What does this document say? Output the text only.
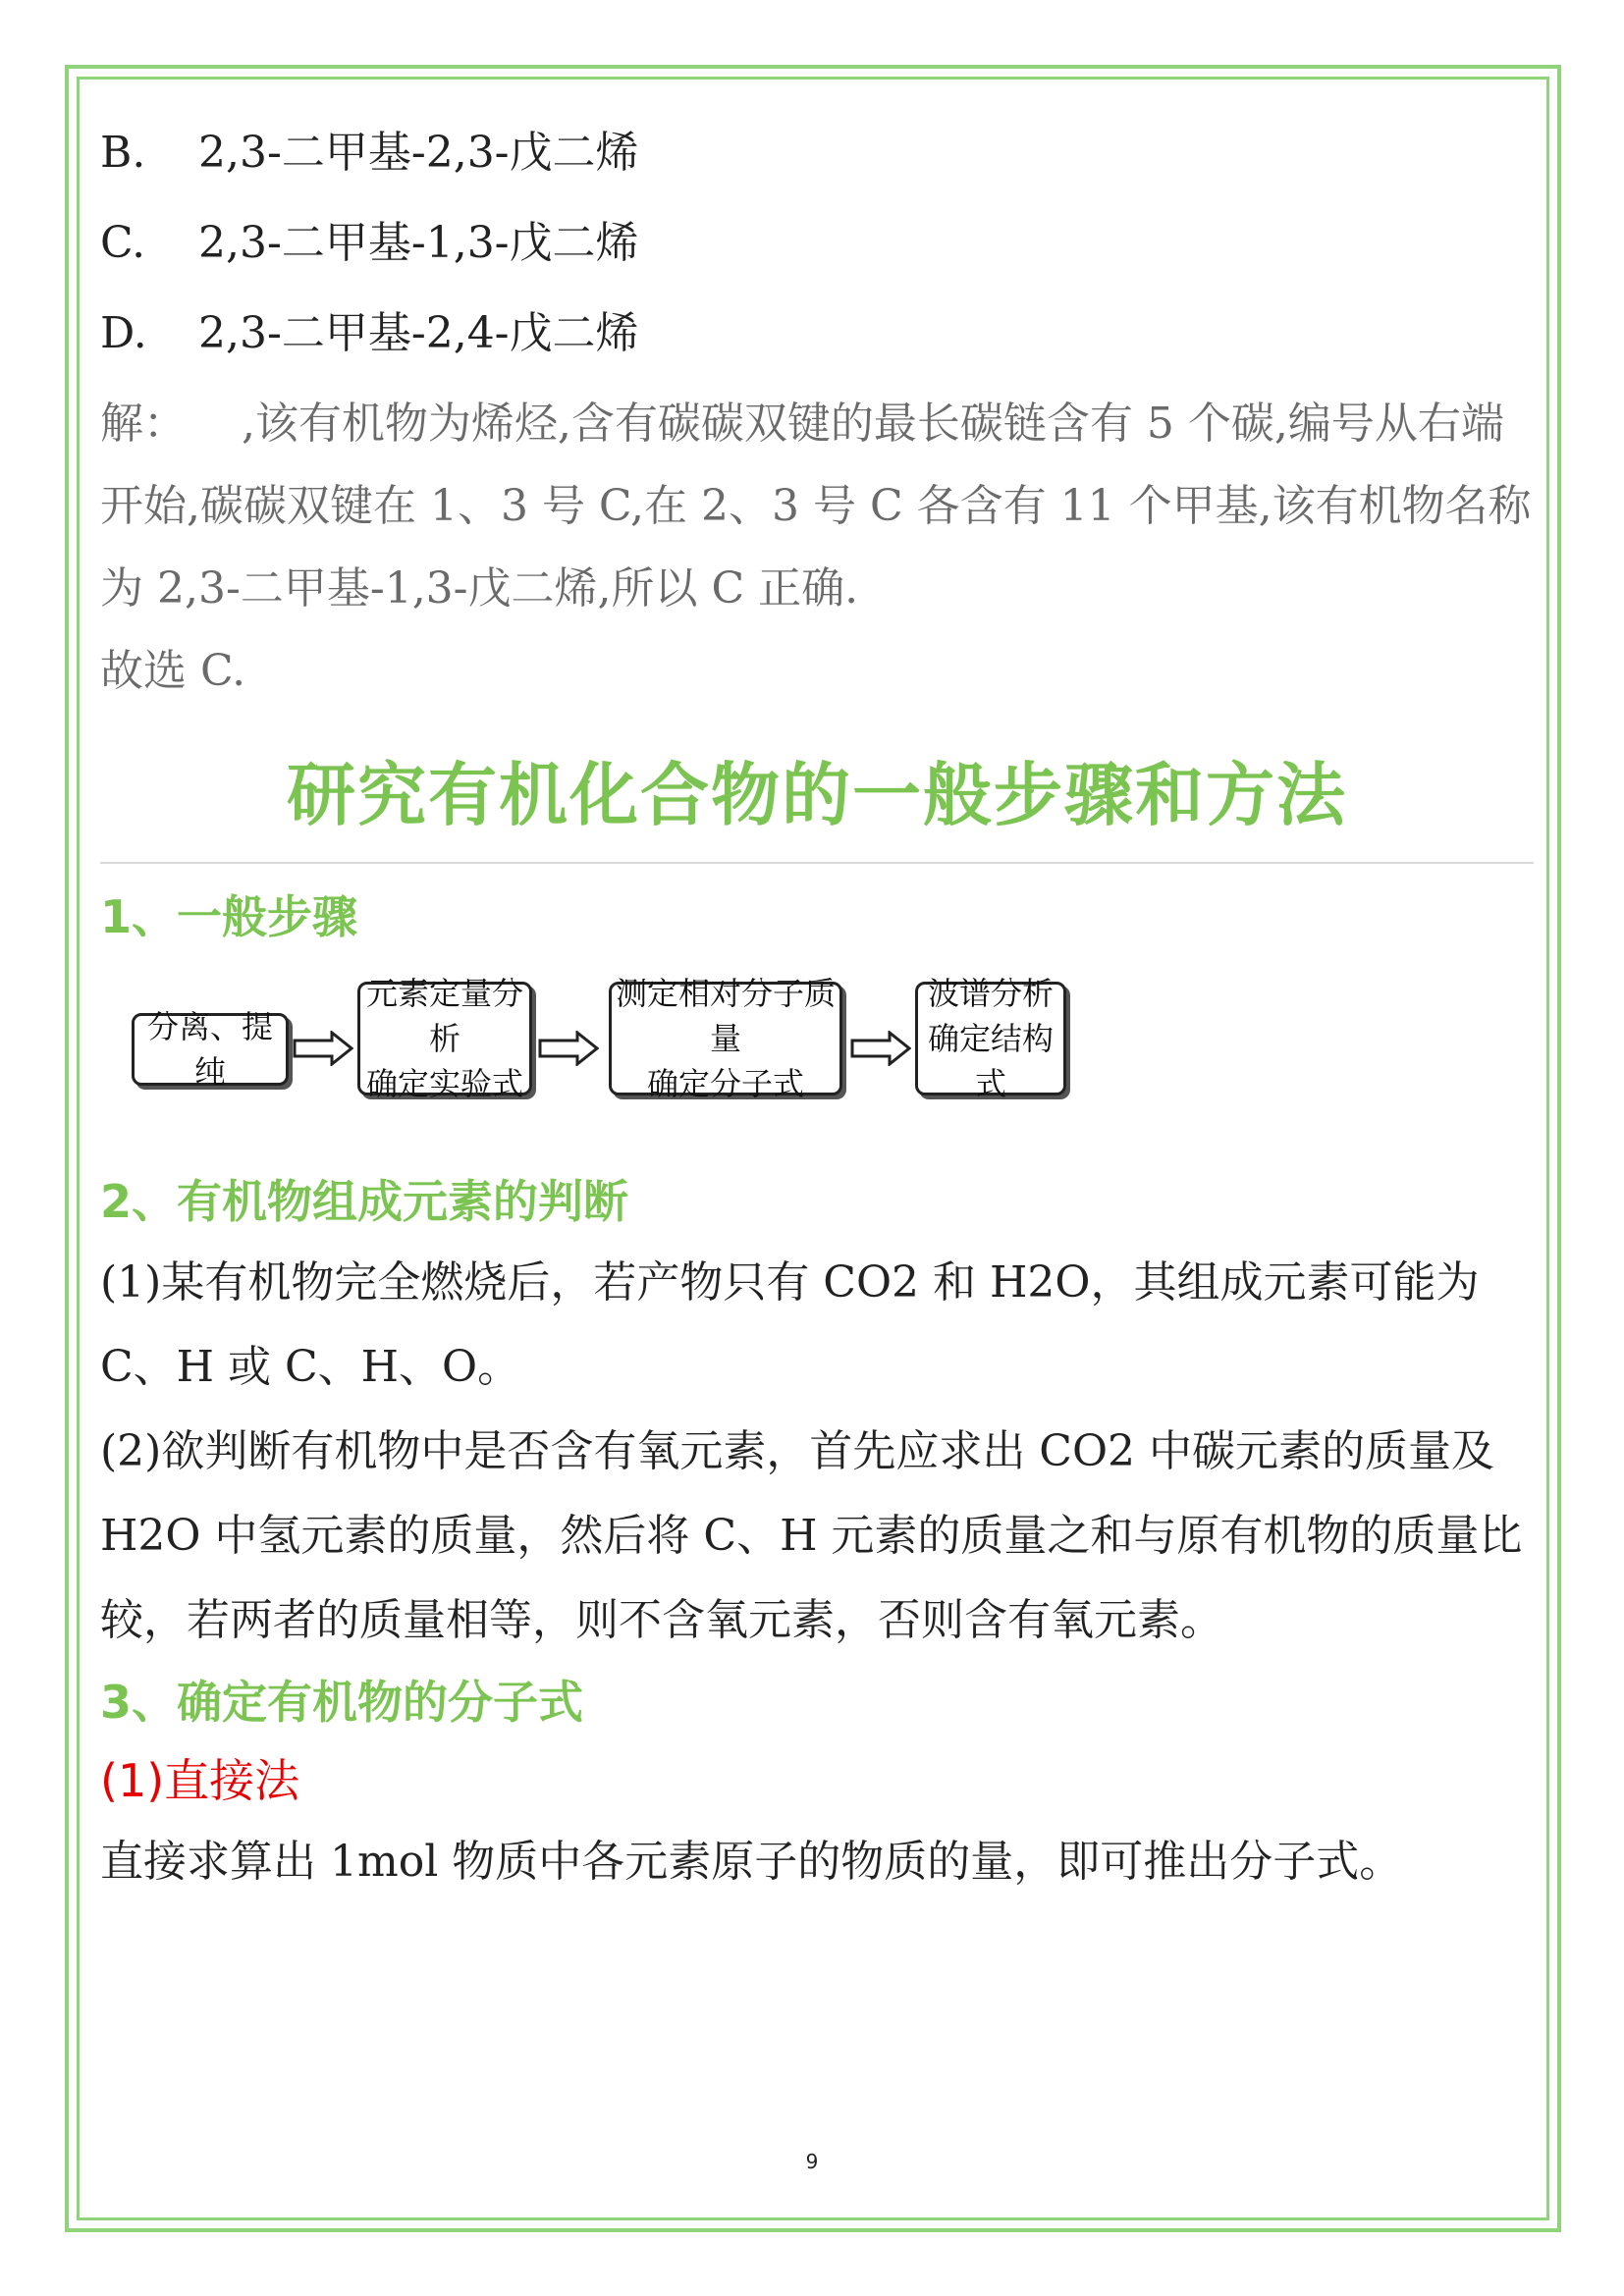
B. 2,3-二甲基-2,3-戊二烯
C. 2,3-二甲基-1,3-戊二烯
D. 2,3-二甲基-2,4-戊二烯

解：    ,该有机物为烯烃,含有碳碳双键的最长碳链含有 5 个碳,编号从右端开始,碳碳双键在 1、3 号 C,在 2、3 号 C 各含有 11 个甲基,该有机物名称为 2,3-二甲基-1,3-戊二烯,所以 C 正确.

故选 C.

研究有机化合物的一般步骤和方法
1、一般步骤
分离、提纯
元素定量分析
确定实验式
测定相对分子质量
确定分子式
波谱分析
确定结构式
2、有机物组成元素的判断

(1)某有机物完全燃烧后，若产物只有 CO2 和 H2O，其组成元素可能为 C、H 或 C、H、O。

(2)欲判断有机物中是否含有氧元素，首先应求出 CO2 中碳元素的质量及 H2O 中氢元素的质量，然后将 C、H 元素的质量之和与原有机物的质量比较，若两者的质量相等，则不含氧元素，否则含有氧元素。

3、确定有机物的分子式
(1)直接法

直接求算出 1mol 物质中各元素原子的物质的量，即可推出分子式。

9
